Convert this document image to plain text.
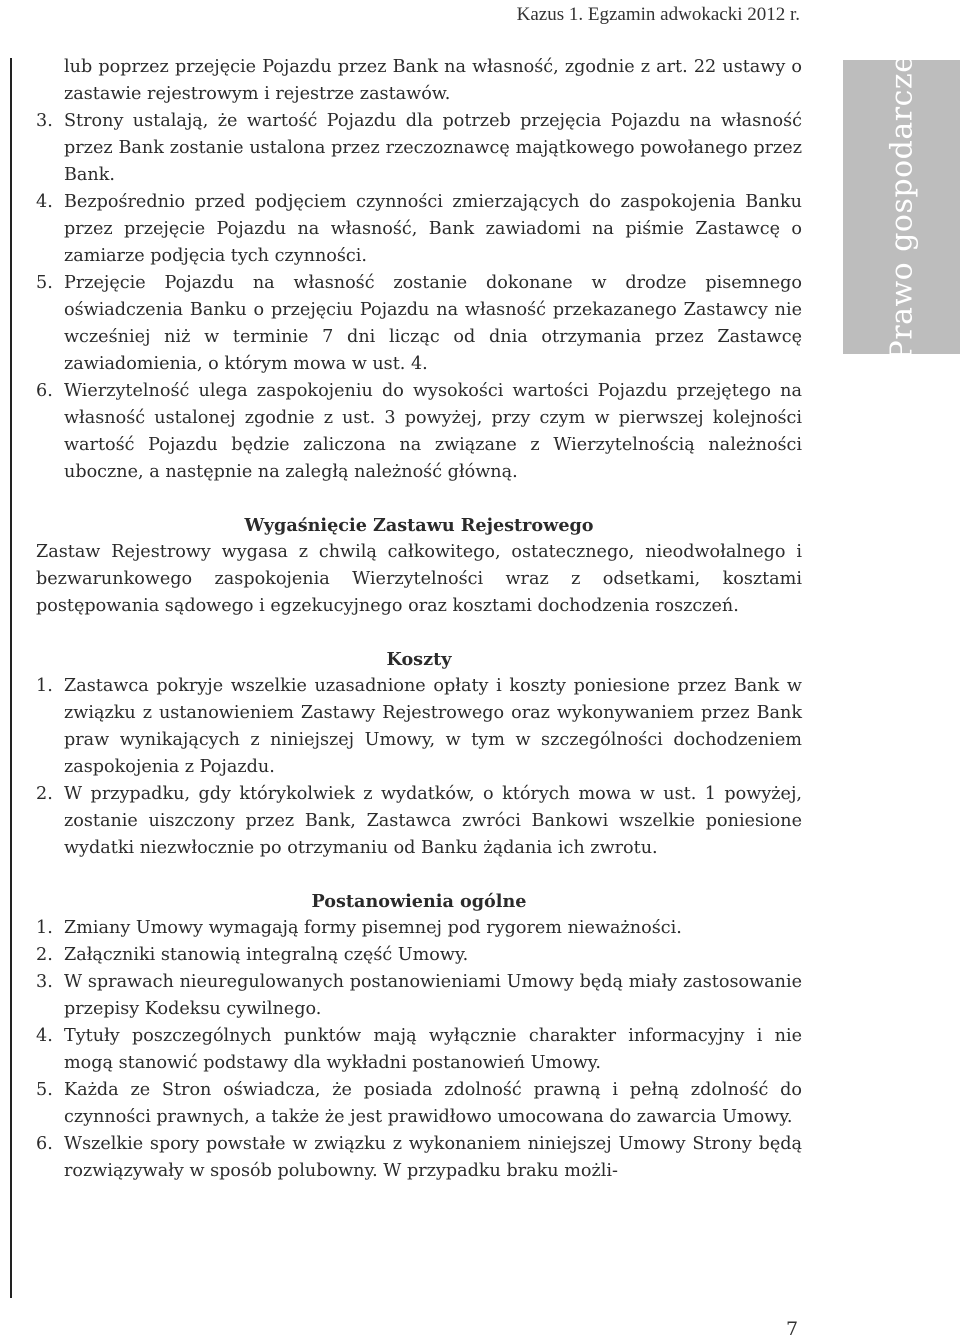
Kazus 1. Egzamin adwokacki 2012 r.
Prawo gospodarcze
lub poprzez przejęcie Pojazdu przez Bank na własność, zgodnie z art. 22 ustawy o zastawie rejestrowym i rejestrze zastawów.
3. Strony ustalają, że wartość Pojazdu dla potrzeb przejęcia Pojazdu na własność przez Bank zostanie ustalona przez rzeczoznawcę majątkowego powołanego przez Bank.
4. Bezpośrednio przed podjęciem czynności zmierzających do zaspokojenia Banku przez przejęcie Pojazdu na własność, Bank zawiadomi na piśmie Zastawcę o zamiarze podjęcia tych czynności.
5. Przejęcie Pojazdu na własność zostanie dokonane w drodze pisemnego oświadczenia Banku o przejęciu Pojazdu na własność przekazanego Zastawcy nie wcześniej niż w terminie 7 dni licząc od dnia otrzymania przez Zastawcę zawiadomienia, o którym mowa w ust. 4.
6. Wierzytelność ulega zaspokojeniu do wysokości wartości Pojazdu przejętego na własność ustalonej zgodnie z ust. 3 powyżej, przy czym w pierwszej kolejności wartość Pojazdu będzie zaliczona na związane z Wierzytelnością należności uboczne, a następnie na zaległą należność główną.
Wygaśnięcie Zastawu Rejestrowego
Zastaw Rejestrowy wygasa z chwilą całkowitego, ostatecznego, nieodwołalnego i bezwarunkowego zaspokojenia Wierzytelności wraz z odsetkami, kosztami postępowania sądowego i egzekucyjnego oraz kosztami dochodzenia roszczeń.
Koszty
1. Zastawca pokryje wszelkie uzasadnione opłaty i koszty poniesione przez Bank w związku z ustanowieniem Zastawy Rejestrowego oraz wykonywaniem przez Bank praw wynikających z niniejszej Umowy, w tym w szczególności dochodzeniem zaspokojenia z Pojazdu.
2. W przypadku, gdy którykolwiek z wydatków, o których mowa w ust. 1 powyżej, zostanie uiszczony przez Bank, Zastawca zwróci Bankowi wszelkie poniesione wydatki niezwłocznie po otrzymaniu od Banku żądania ich zwrotu.
Postanowienia ogólne
1. Zmiany Umowy wymagają formy pisemnej pod rygorem nieważności.
2. Załączniki stanowią integralną część Umowy.
3. W sprawach nieuregulowanych postanowieniami Umowy będą miały zastosowanie przepisy Kodeksu cywilnego.
4. Tytuły poszczególnych punktów mają wyłącznie charakter informacyjny i nie mogą stanowić podstawy dla wykładni postanowień Umowy.
5. Każda ze Stron oświadcza, że posiada zdolność prawną i pełną zdolność do czynności prawnych, a także że jest prawidłowo umocowana do zawarcia Umowy.
6. Wszelkie spory powstałe w związku z wykonaniem niniejszej Umowy Strony będą rozwiązywały w sposób polubowny. W przypadku braku możli-
7
